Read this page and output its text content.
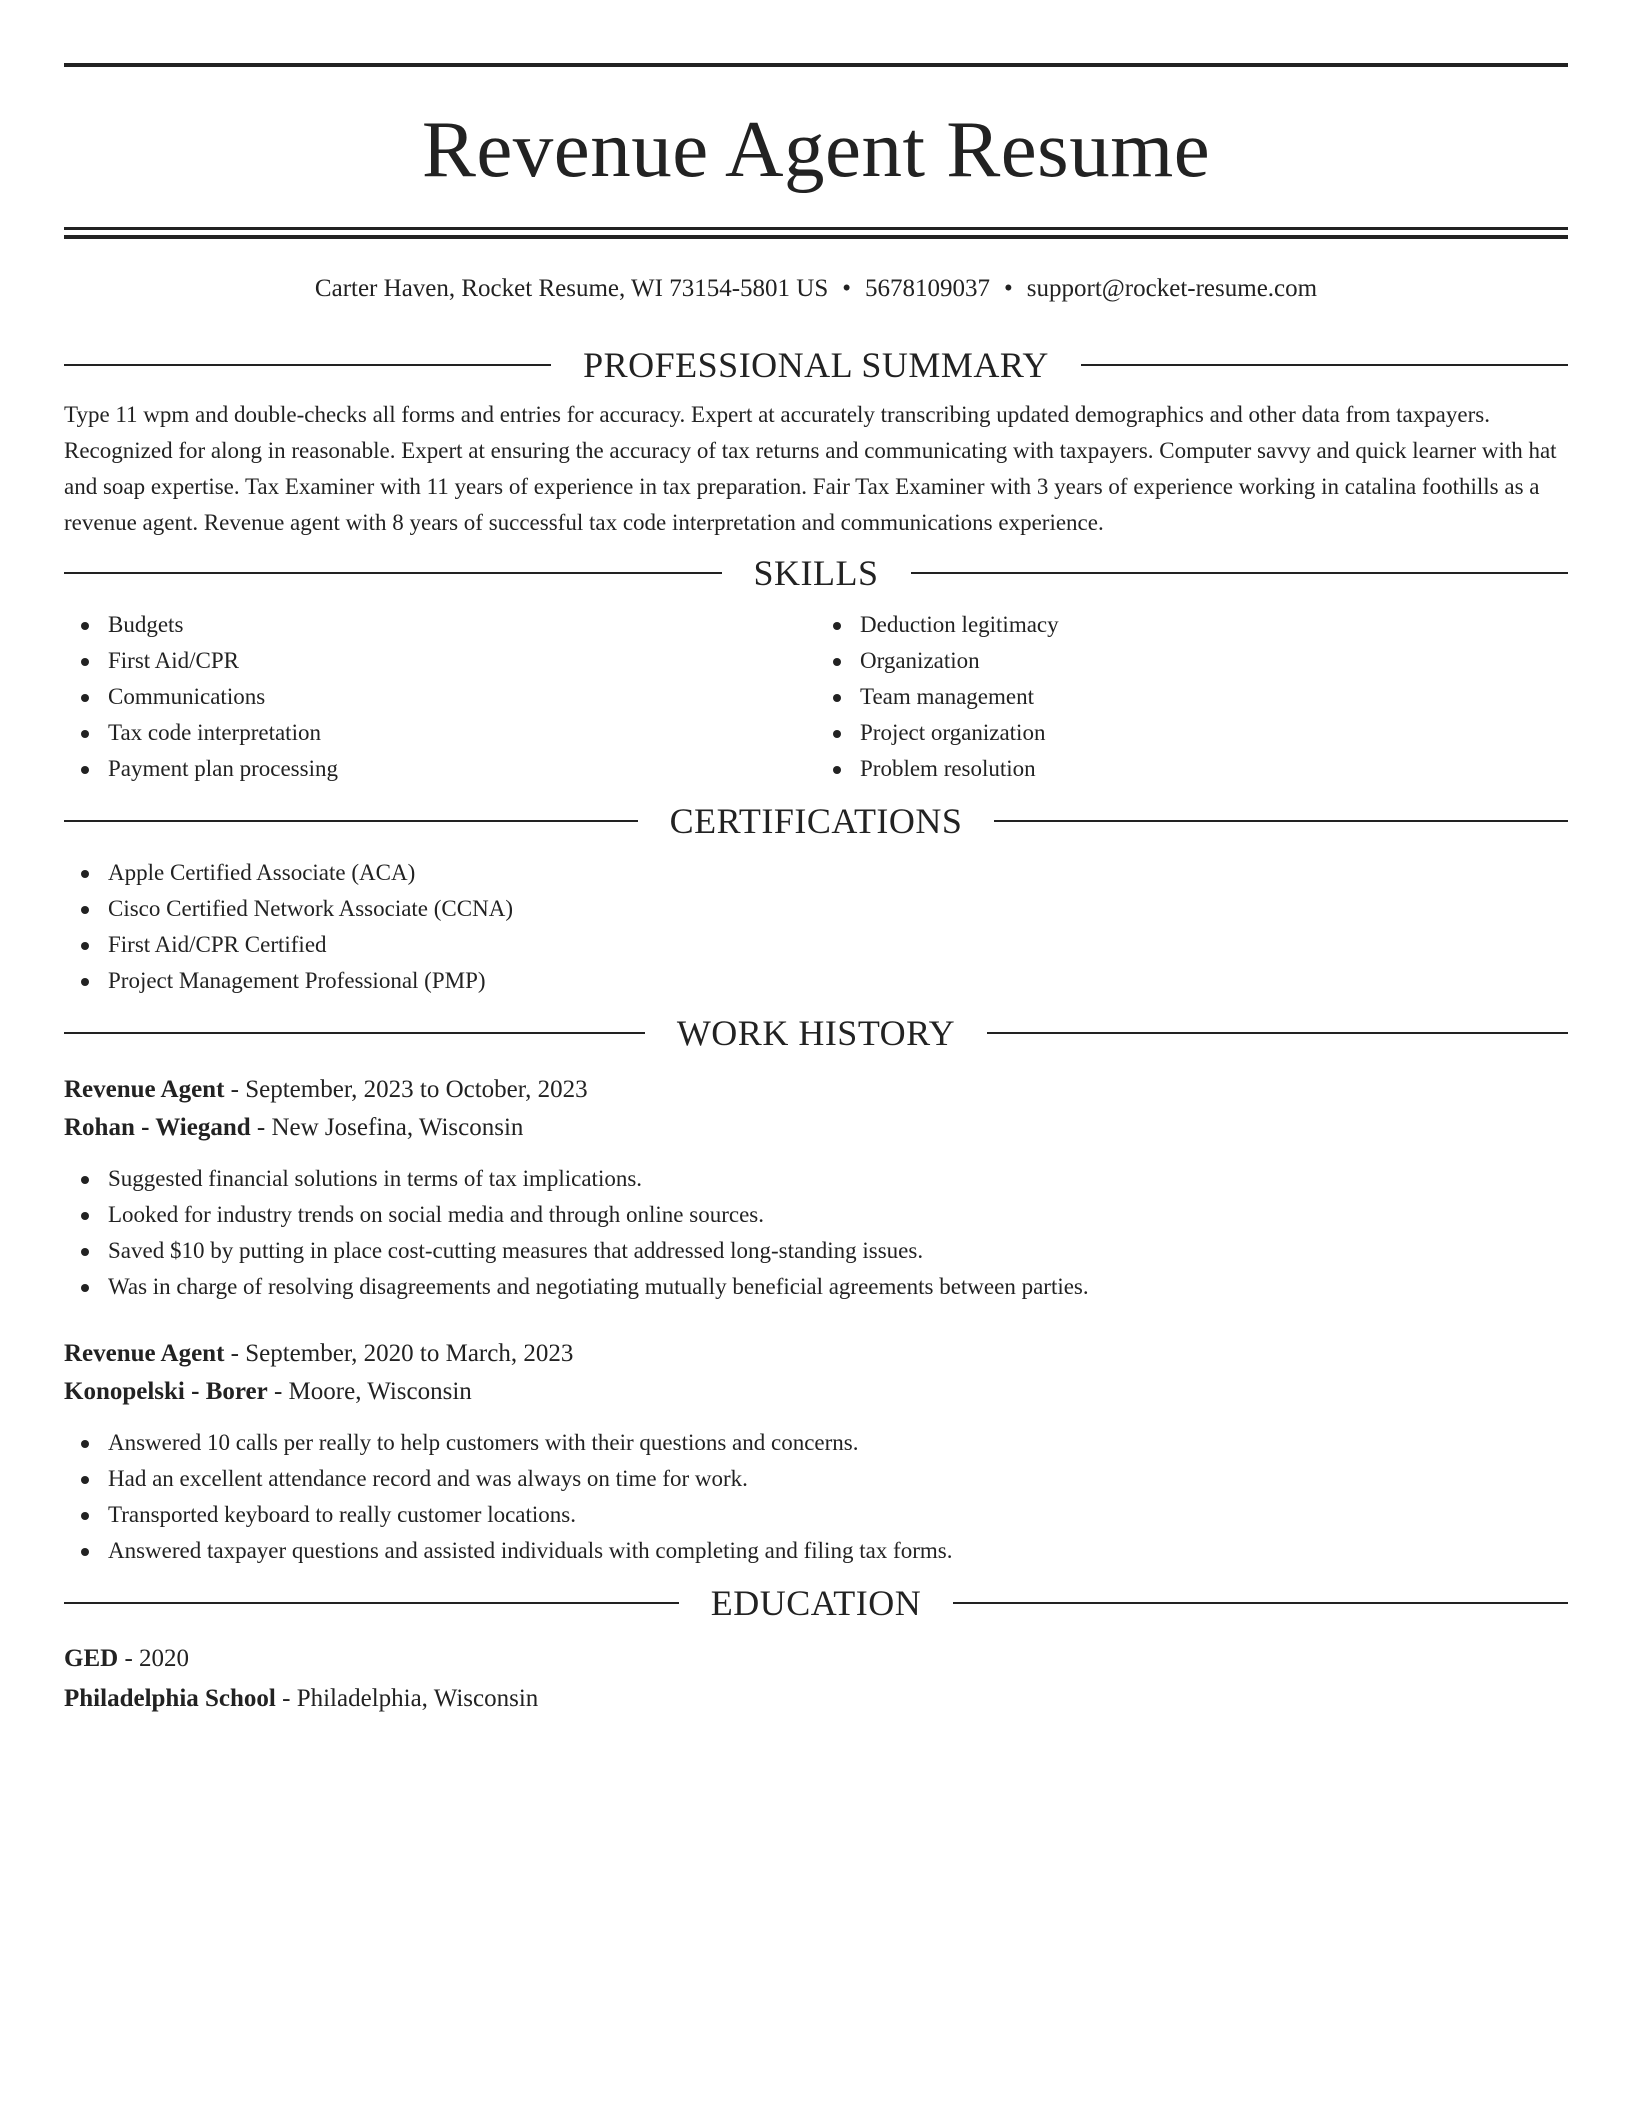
Revenue Agent Resume
Carter Haven, Rocket Resume, WI 73154-5801 US • 5678109037 • support@rocket-resume.com
PROFESSIONAL SUMMARY

Type 11 wpm and double-checks all forms and entries for accuracy. Expert at accurately transcribing updated demographics and other data from taxpayers. Recognized for along in reasonable. Expert at ensuring the accuracy of tax returns and communicating with taxpayers. Computer savvy and quick learner with hat and soap expertise. Tax Examiner with 11 years of experience in tax preparation. Fair Tax Examiner with 3 years of experience working in catalina foothills as a revenue agent. Revenue agent with 8 years of successful tax code interpretation and communications experience.

SKILLS
Budgets
First Aid/CPR
Communications
Tax code interpretation
Payment plan processing
Deduction legitimacy
Organization
Team management
Project organization
Problem resolution
CERTIFICATIONS
Apple Certified Associate (ACA)
Cisco Certified Network Associate (CCNA)
First Aid/CPR Certified
Project Management Professional (PMP)
WORK HISTORY
Revenue Agent - September, 2023 to October, 2023
Rohan - Wiegand - New Josefina, Wisconsin
Suggested financial solutions in terms of tax implications.
Looked for industry trends on social media and through online sources.
Saved $10 by putting in place cost-cutting measures that addressed long-standing issues.
Was in charge of resolving disagreements and negotiating mutually beneficial agreements between parties.
Revenue Agent - September, 2020 to March, 2023
Konopelski - Borer - Moore, Wisconsin
Answered 10 calls per really to help customers with their questions and concerns.
Had an excellent attendance record and was always on time for work.
Transported keyboard to really customer locations.
Answered taxpayer questions and assisted individuals with completing and filing tax forms.
EDUCATION
GED - 2020
Philadelphia School - Philadelphia, Wisconsin
